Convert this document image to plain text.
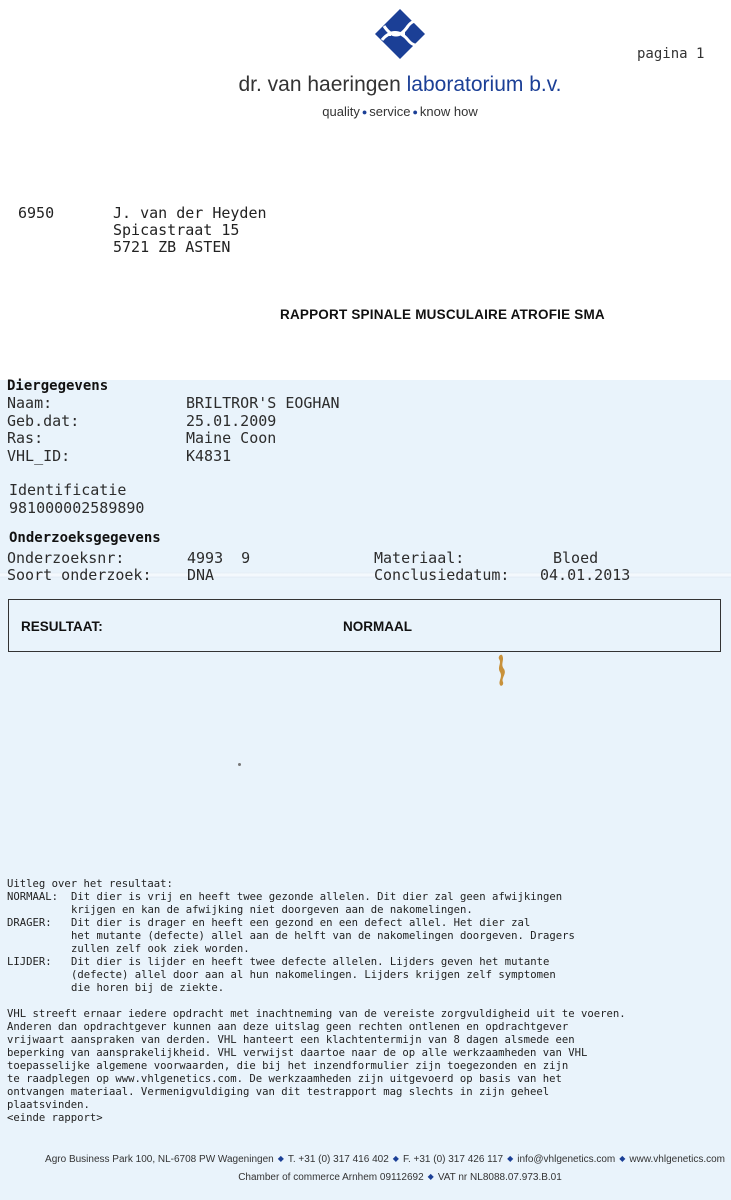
dr. van haeringen laboratorium b.v.
quality ● service ● know how
pagina 1
6950	J. van der Heyden
Spicastraat 15
5721 ZB ASTEN
RAPPORT SPINALE MUSCULAIRE ATROFIE SMA
Diergegevens
Naam:	BRILTROR'S EOGHAN
Geb.dat:	25.01.2009
Ras:	Maine Coon
VHL_ID:	K4831
Identificatie
981000002589890
Onderzoeksgegevens
Onderzoeksnr:	4993  9	Materiaal:	Bloed
Soort onderzoek: DNA	Conclusiedatum: 04.01.2013
RESULTAAT:	NORMAAL
Uitleg over het resultaat:
NORMAAL: Dit dier is vrij en heeft twee gezonde allelen. Dit dier zal geen afwijkingen
krijgen en kan de afwijking niet doorgeven aan de nakomelingen.
DRAGER: Dit dier is drager en heeft een gezond en een defect allel. Het dier zal
het mutante (defecte) allel aan de helft van de nakomelingen doorgeven. Dragers
zullen zelf ook ziek worden.
LIJDER: Dit dier is lijder en heeft twee defecte allelen. Lijders geven het mutante
(defecte) allel door aan al hun nakomelingen. Lijders krijgen zelf symptomen
die horen bij de ziekte.
VHL streeft ernaar iedere opdracht met inachtneming van de vereiste zorgvuldigheid uit te voeren.
Anderen dan opdrachtgever kunnen aan deze uitslag geen rechten ontlenen en opdrachtgever
vrijwaart aanspraken van derden. VHL hanteert een klachtentermijn van 8 dagen alsmede een
beperking van aansprakelijkheid. VHL verwijst daartoe naar de op alle werkzaamheden van VHL
toepasselijke algemene voorwaarden, die bij het inzendformulier zijn toegezonden en zijn
te raadplegen op www.vhlgenetics.com. De werkzaamheden zijn uitgevoerd op basis van het
ontvangen materiaal. Vermenigvuldiging van dit testrapport mag slechts in zijn geheel
plaatsvinden.
<einde rapport>
Agro Business Park 100, NL-6708 PW Wageningen ◆ T. +31 (0) 317 416 402 ◆ F. +31 (0) 317 426 117 ◆ info@vhlgenetics.com ◆ www.vhlgenetics.com
Chamber of commerce Arnhem 09112692 ◆ VAT nr NL8088.07.973.B.01
